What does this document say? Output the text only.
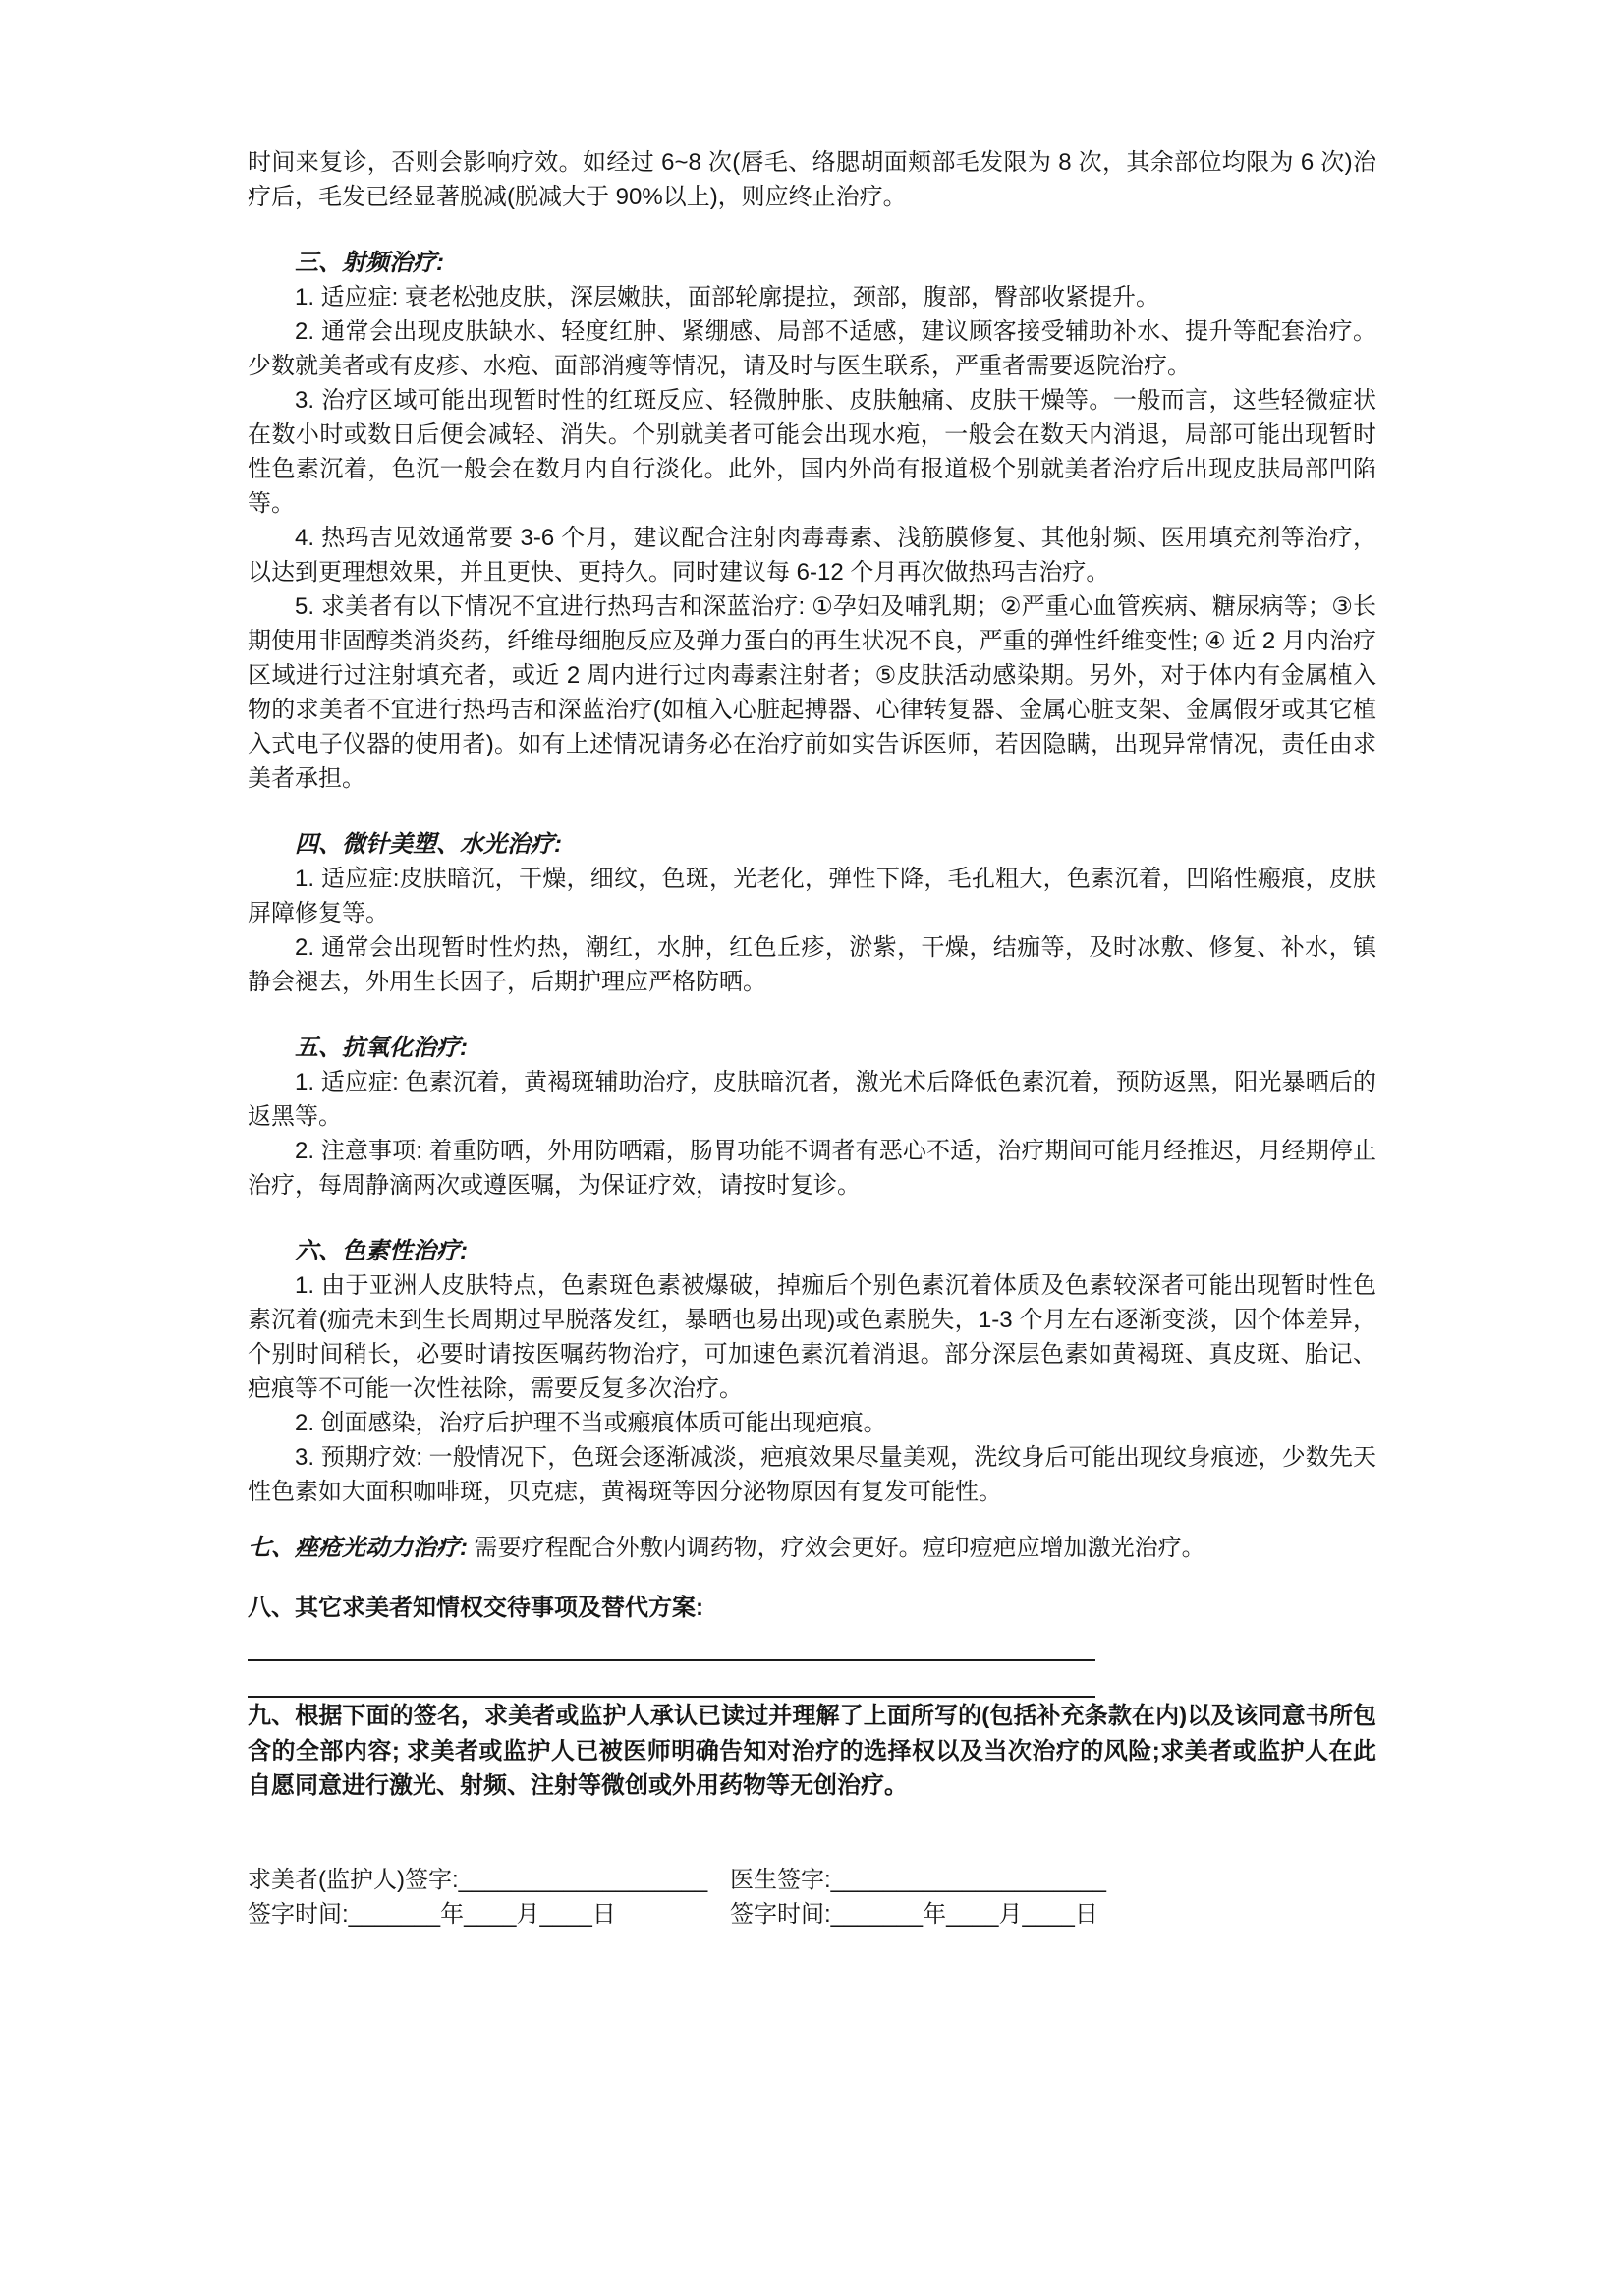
时间来复诊，否则会影响疗效。如经过 6~8 次(唇毛、络腮胡面颊部毛发限为 8 次，其余部位均限为 6 次)治疗后，毛发已经显著脱减(脱减大于 90%以上)，则应终止治疗。

三、射频治疗:

1. 适应症: 衰老松弛皮肤，深层嫩肤，面部轮廓提拉，颈部，腹部，臀部收紧提升。

2. 通常会出现皮肤缺水、轻度红肿、紧绷感、局部不适感，建议顾客接受辅助补水、提升等配套治疗。少数就美者或有皮疹、水疱、面部消瘦等情况，请及时与医生联系，严重者需要返院治疗。

3. 治疗区域可能出现暂时性的红斑反应、轻微肿胀、皮肤触痛、皮肤干燥等。一般而言，这些轻微症状在数小时或数日后便会减轻、消失。个别就美者可能会出现水疱，一般会在数天内消退，局部可能出现暂时性色素沉着，色沉一般会在数月内自行淡化。此外，国内外尚有报道极个别就美者治疗后出现皮肤局部凹陷等。

4. 热玛吉见效通常要 3-6 个月，建议配合注射肉毒毒素、浅筋膜修复、其他射频、医用填充剂等治疗，以达到更理想效果，并且更快、更持久。同时建议每 6-12 个月再次做热玛吉治疗。

5. 求美者有以下情况不宜进行热玛吉和深蓝治疗: ①孕妇及哺乳期；②严重心血管疾病、糖尿病等；③长期使用非固醇类消炎药，纤维母细胞反应及弹力蛋白的再生状况不良，严重的弹性纤维变性; ④ 近 2 月内治疗区域进行过注射填充者，或近 2 周内进行过肉毒素注射者；⑤皮肤活动感染期。另外，对于体内有金属植入物的求美者不宜进行热玛吉和深蓝治疗(如植入心脏起搏器、心律转复器、金属心脏支架、金属假牙或其它植入式电子仪器的使用者)。如有上述情况请务必在治疗前如实告诉医师，若因隐瞒，出现异常情况，责任由求美者承担。

四、微针美塑、水光治疗:

1. 适应症:皮肤暗沉，干燥，细纹，色斑，光老化，弹性下降，毛孔粗大，色素沉着，凹陷性瘢痕，皮肤屏障修复等。

2. 通常会出现暂时性灼热，潮红，水肿，红色丘疹，淤紫，干燥，结痂等，及时冰敷、修复、补水，镇静会褪去，外用生长因子，后期护理应严格防晒。

五、抗氧化治疗:

1. 适应症: 色素沉着，黄褐斑辅助治疗，皮肤暗沉者，激光术后降低色素沉着，预防返黑，阳光暴晒后的返黑等。

2. 注意事项: 着重防晒，外用防晒霜，肠胃功能不调者有恶心不适，治疗期间可能月经推迟，月经期停止治疗，每周静滴两次或遵医嘱，为保证疗效，请按时复诊。

六、色素性治疗:

1. 由于亚洲人皮肤特点，色素斑色素被爆破，掉痂后个别色素沉着体质及色素较深者可能出现暂时性色素沉着(痂壳未到生长周期过早脱落发红，暴晒也易出现)或色素脱失，1-3 个月左右逐渐变淡，因个体差异，个别时间稍长，必要时请按医嘱药物治疗，可加速色素沉着消退。部分深层色素如黄褐斑、真皮斑、胎记、疤痕等不可能一次性祛除，需要反复多次治疗。

2. 创面感染，治疗后护理不当或瘢痕体质可能出现疤痕。

3. 预期疗效: 一般情况下，色斑会逐渐减淡，疤痕效果尽量美观，洗纹身后可能出现纹身痕迹，少数先天性色素如大面积咖啡斑，贝克痣，黄褐斑等因分泌物原因有复发可能性。

七、痤疮光动力治疗: 需要疗程配合外敷内调药物，疗效会更好。痘印痘疤应增加激光治疗。

八、其它求美者知情权交待事项及替代方案:

九、根据下面的签名，求美者或监护人承认已读过并理解了上面所写的(包括补充条款在内)以及该同意书所包含的全部内容; 求美者或监护人已被医师明确告知对治疗的选择权以及当次治疗的风险;求美者或监护人在此自愿同意进行激光、射频、注射等微创或外用药物等无创治疗。

求美者(监护人)签字:___________________ 医生签字:_____________________
签字时间:_______年____月____日	签字时间:_______年____月____日
